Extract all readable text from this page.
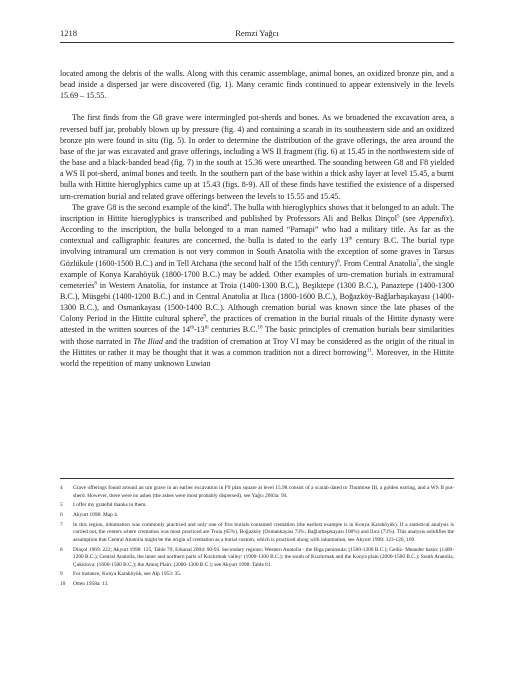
1218	Remzi Yağcı

located among the debris of the walls. Along with this ceramic assemblage, animal bones, an oxidized bronze pin, and a bead inside a dispersed jar were discovered (fig. 1). Many ceramic finds continued to appear extensively in the levels 15.69 – 15.55.

The first finds from the G8 grave were intermingled pot-sherds and bones. As we broadened the excavation area, a reversed buff jar, probably blown up by pressure (fig. 4) and containing a scarab in its southeastern side and an oxidized bronze pin were found in situ (fig. 5). In order to determine the distribution of the grave offerings, the area around the base of the jar was excavated and grave offerings, including a WS II fragment (fig. 6) at 15.45 in the northwestern side of the base and a black-banded bead (fig. 7) in the south at 15.36 were unearthed. The sounding between G8 and F8 yielded a WS II pot-sherd, animal bones and teeth. In the southern part of the base within a thick ashy layer at level 15.45, a burnt bulla with Hittite hieroglyphics came up at 15.43 (figs. 8-9). All of these finds have testified the existence of a dispersed urn-cremation burial and related grave offerings between the levels to 15.55 and 15.45.

The grave G8 is the second example of the kind$^4$. The bulla with hieroglyphics shows that it belonged to an adult. The inscription in Hittite hieroglyphics is transcribed and published by Professors Ali and Belkıs Dinçol$^5$ (see Appendix). According to the inscription, the bulla belonged to a man named “Parnapi” who had a military title. As far as the contextual and calligraphic features are concerned, the bulla is dated to the early 13th century B.C. The burial type involving intramural urn cremation is not very common in South Anatolia with the exception of some graves in Tarsus Gözlükule (1600-1500 B.C.) and in Tell Atchana (the second half of the 15th century)$^6$. From Central Anatolia$^7$, the single example of Konya Karahöyük (1800-1700 B.C.) may be added. Other examples of urn-cremation burials in extramural cemeteries$^8$ in Western Anatolia, for instance at Troia (1400-1300 B.C.), Beşiktepe (1300 B.C.), Panaztepe (1400-1300 B.C.), Müsgebi (1400-1200 B.C.) and in Central Anatolia at Ilıca (1800-1600 B.C.), Boğazköy-Bağlarbaşıkayası (1400-1300 B.C.), and Osmankayası (1500-1400 B.C.). Although cremation burial was known since the late phases of the Colony Period in the Hittite cultural sphere$^9$, the practices of cremation in the burial rituals of the Hittite dynasty were attested in the written sources of the 14th-13th centuries B.C.$^{10}$ The basic principles of cremation burials bear similarities with those narrated in The Iliad and the tradition of cremation at Troy VI may be considered as the origin of the ritual in the Hittites or rather it may be thought that it was a common tradition not a direct borrowing$^{11}$. Moreover, in the Hittite world the repetition of many unknown Luwian

4	Grave offerings found around an urn grave in an earlier excavation in F9 plan square at level 15.98 consist of a scarab dated to Thutmose III, a golden earring, and a WS II pot-sherd. However, there were no ashes (the ashes were most probably dispersed), see Yağcı 2003a: 94.
5	I offer my grateful thanks to them.
6	Akyurt 1998: Map 4.
7	In this region, inhumation was commonly practiced and only one of five burials contained cremation (the earliest example is in Konya Karahöyük). If a statistical analysis is carried out, the centers where cremation was most practiced are Troia (65%), Boğazköy (Osmankayası 73%; Bağlarbaşıkayası 100%) and Ilıca (73%). This analysis solidifies the assumption that Central Anatolia might be the origin of cremation as a burial custom, which is practiced along with inhumation, see Akyurt 1998: 123-126, 169.
8	Dinçol 1969: 222; Akyurt 1998: 125, Table 70; Erkanal 2004: 90-93. Secondary regions: Western Anatolia - the Biga peninsula: (1500-1200 B.C.); Gediz- Meander basin: (1400-1200 B.C.); Central Anatolia, the inner and northern parts of Kızılırmak valley: (1900-1300 B.C.); the south of Kızılırmak and the Konya plain (2000-1500 B.C.); South Anatolia, Çukurova: (1600-1500 B.C.); the Amuq Plain: (2000-1300 B.C.); see Akyurt 1998: Table 81.
9	For instance, Konya Karahöyük, see Alp 1953: 35.
10	Otten 1958a: 13.
